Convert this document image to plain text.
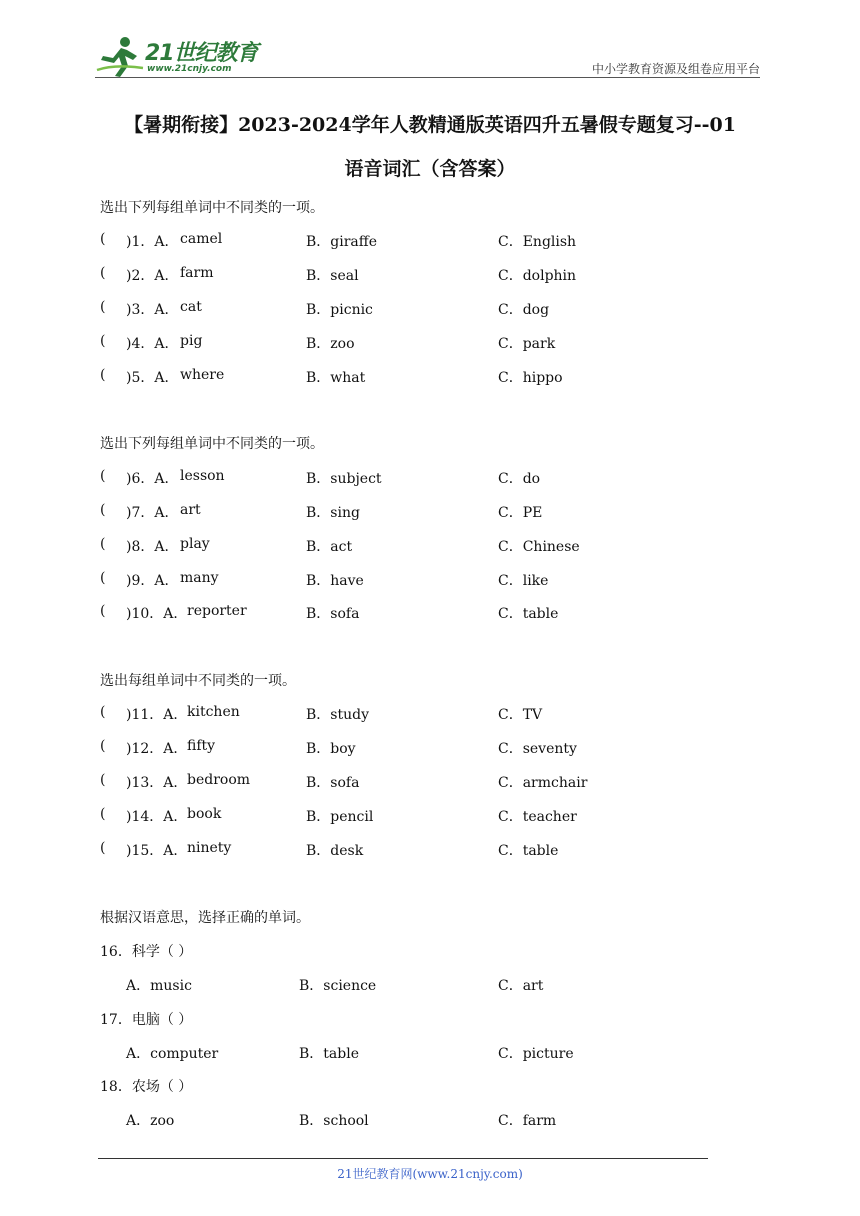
21世纪教育
www.21cnjy.com	中小学教育资源及组卷应用平台
【暑期衔接】2023-2024学年人教精通版英语四升五暑假专题复习--01
语音词汇（含答案）
选出下列每组单词中不同类的一项。
( )1．A． camel	B．giraffe	C．English
( )2．A． farm	B．seal	C．dolphin
( )3．A． cat	B．picnic	C．dog
( )4．A． pig	B．zoo	C．park
( )5．A． where	B．what	C．hippo
选出下列每组单词中不同类的一项。
( )6．A． lesson	B．subject	C．do
( )7．A． art	B．sing	C．PE
( )8．A． play	B．act	C．Chinese
( )9．A． many	B．have	C．like
( )10．A． reporter	B．sofa	C．table
选出每组单词中不同类的一项。
( )11．A． kitchen	B．study	C．TV
( )12．A． fifty	B．boy	C．seventy
( )13．A． bedroom	B．sofa	C．armchair
( )14．A． book	B．pencil	C．teacher
( )15．A． ninety	B．desk	C．table
根据汉语意思，选择正确的单词。
16．科学（ ）
A．music	B．science	C．art
17．电脑（ ）
A．computer	B．table	C．picture
18．农场（ ）
A．zoo	B．school	C．farm
21世纪教育网(www.21cnjy.com)
